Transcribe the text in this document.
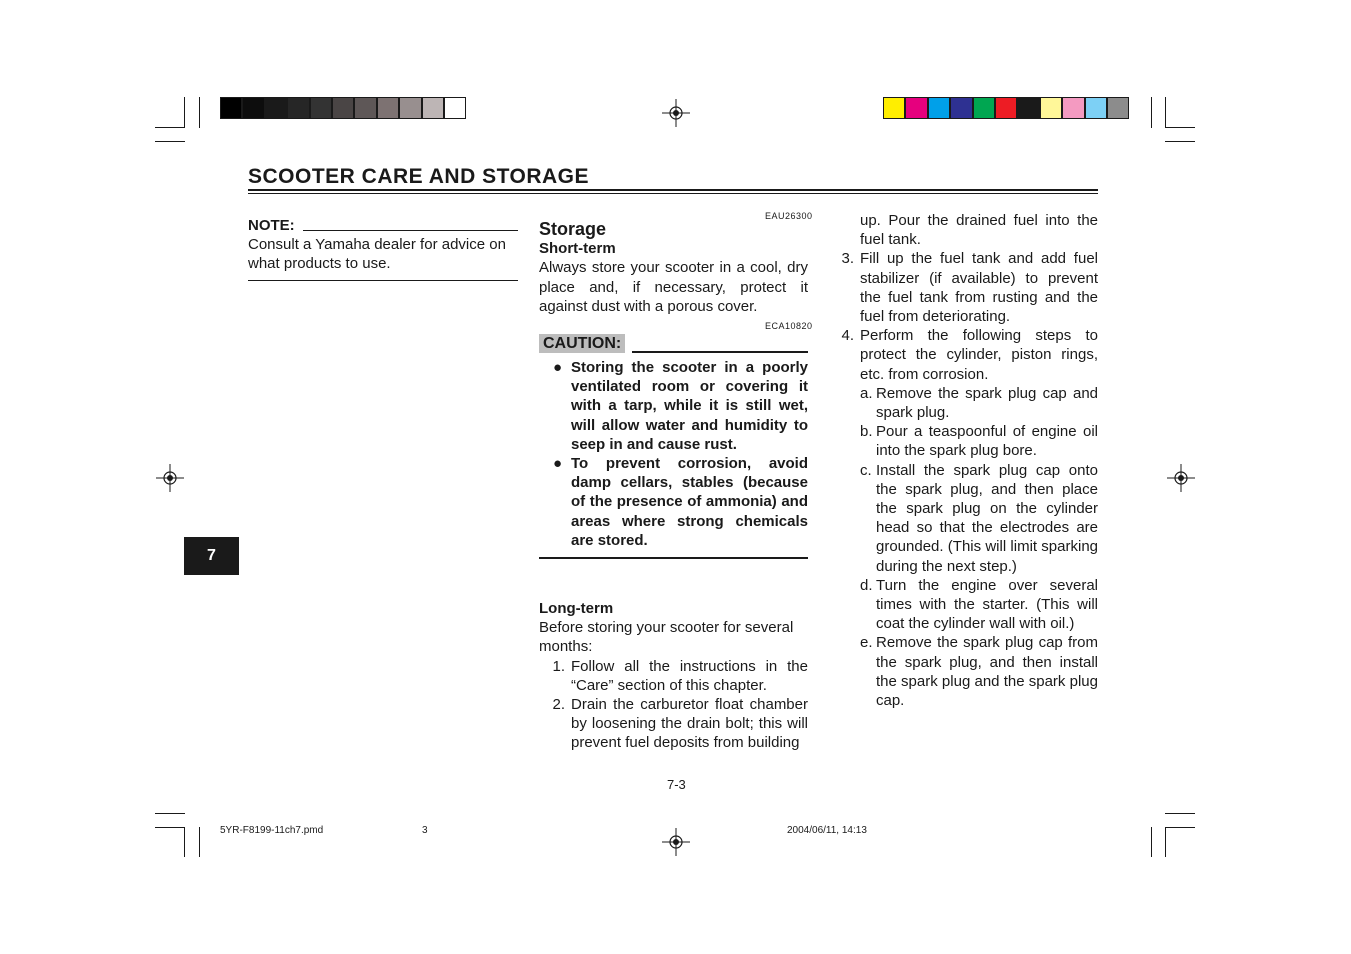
SCOOTER CARE AND STORAGE
NOTE:
Consult a Yamaha dealer for advice on what products to use.
EAU26300
Storage
Short-term
Always store your scooter in a cool, dry place and, if necessary, protect it against dust with a porous cover.
ECA10820
CAUTION:
● Storing the scooter in a poorly ventilated room or covering it with a tarp, while it is still wet, will allow water and humidity to seep in and cause rust.
● To prevent corrosion, avoid damp cellars, stables (because of the presence of ammonia) and areas where strong chemicals are stored.
Long-term
Before storing your scooter for several months:
1. Follow all the instructions in the “Care” section of this chapter.
2. Drain the carburetor float chamber by loosening the drain bolt; this will prevent fuel deposits from building
up. Pour the drained fuel into the fuel tank.
3. Fill up the fuel tank and add fuel stabilizer (if available) to prevent the fuel tank from rusting and the fuel from deteriorating.
4. Perform the following steps to protect the cylinder, piston rings, etc. from corrosion.
a. Remove the spark plug cap and spark plug.
b. Pour a teaspoonful of engine oil into the spark plug bore.
c. Install the spark plug cap onto the spark plug, and then place the spark plug on the cylinder head so that the electrodes are grounded. (This will limit sparking during the next step.)
d. Turn the engine over several times with the starter. (This will coat the cylinder wall with oil.)
e. Remove the spark plug cap from the spark plug, and then install the spark plug and the spark plug cap.
7
7-3
5YR-F8199-11ch7.pmd	3	2004/06/11, 14:13
